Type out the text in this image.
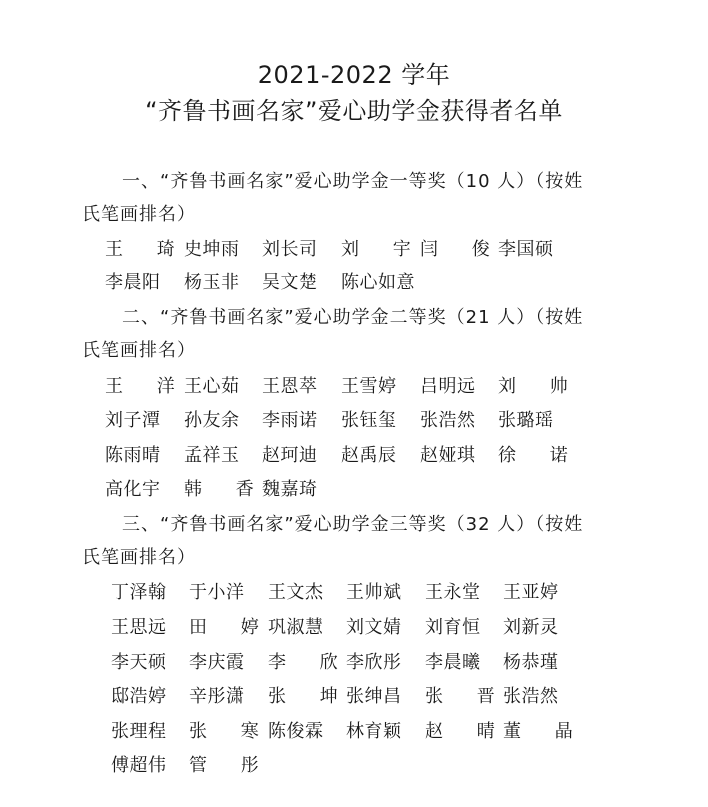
2021-2022 学年
“齐鲁书画名家”爱心助学金获得者名单
一、“齐鲁书画名家”爱心助学金一等奖（10 人）（按姓
氏笔画排名）
王 琦
史坤雨 刘长司 刘 宇
闫 俊
李国硕
李晨阳 杨玉非 吴文楚 陈心如意
二、“齐鲁书画名家”爱心助学金二等奖（21 人）（按姓
氏笔画排名）
王 洋
王心茹 王恩萃 王雪婷 吕明远 刘 帅
刘子潭 孙友余 李雨诺 张钰玺 张浩然 张璐瑶
陈雨晴 孟祥玉 赵珂迪 赵禹辰 赵娅琪 徐 诺
高化宇 韩 香
魏嘉琦
三、“齐鲁书画名家”爱心助学金三等奖（32 人）（按姓
氏笔画排名）
丁泽翰 于小洋 王文杰 王帅斌 王永堂 王亚婷
王思远 田 婷
巩淑慧 刘文婧 刘育恒 刘新灵
李天硕 李庆霞 李 欣
李欣彤 李晨曦 杨恭瑾
邸浩婷 辛彤潇 张 坤
张绅昌 张 晋
张浩然
张理程 张 寒
陈俊霖 林育颖 赵 晴
董 晶
傅超伟 管 彤
